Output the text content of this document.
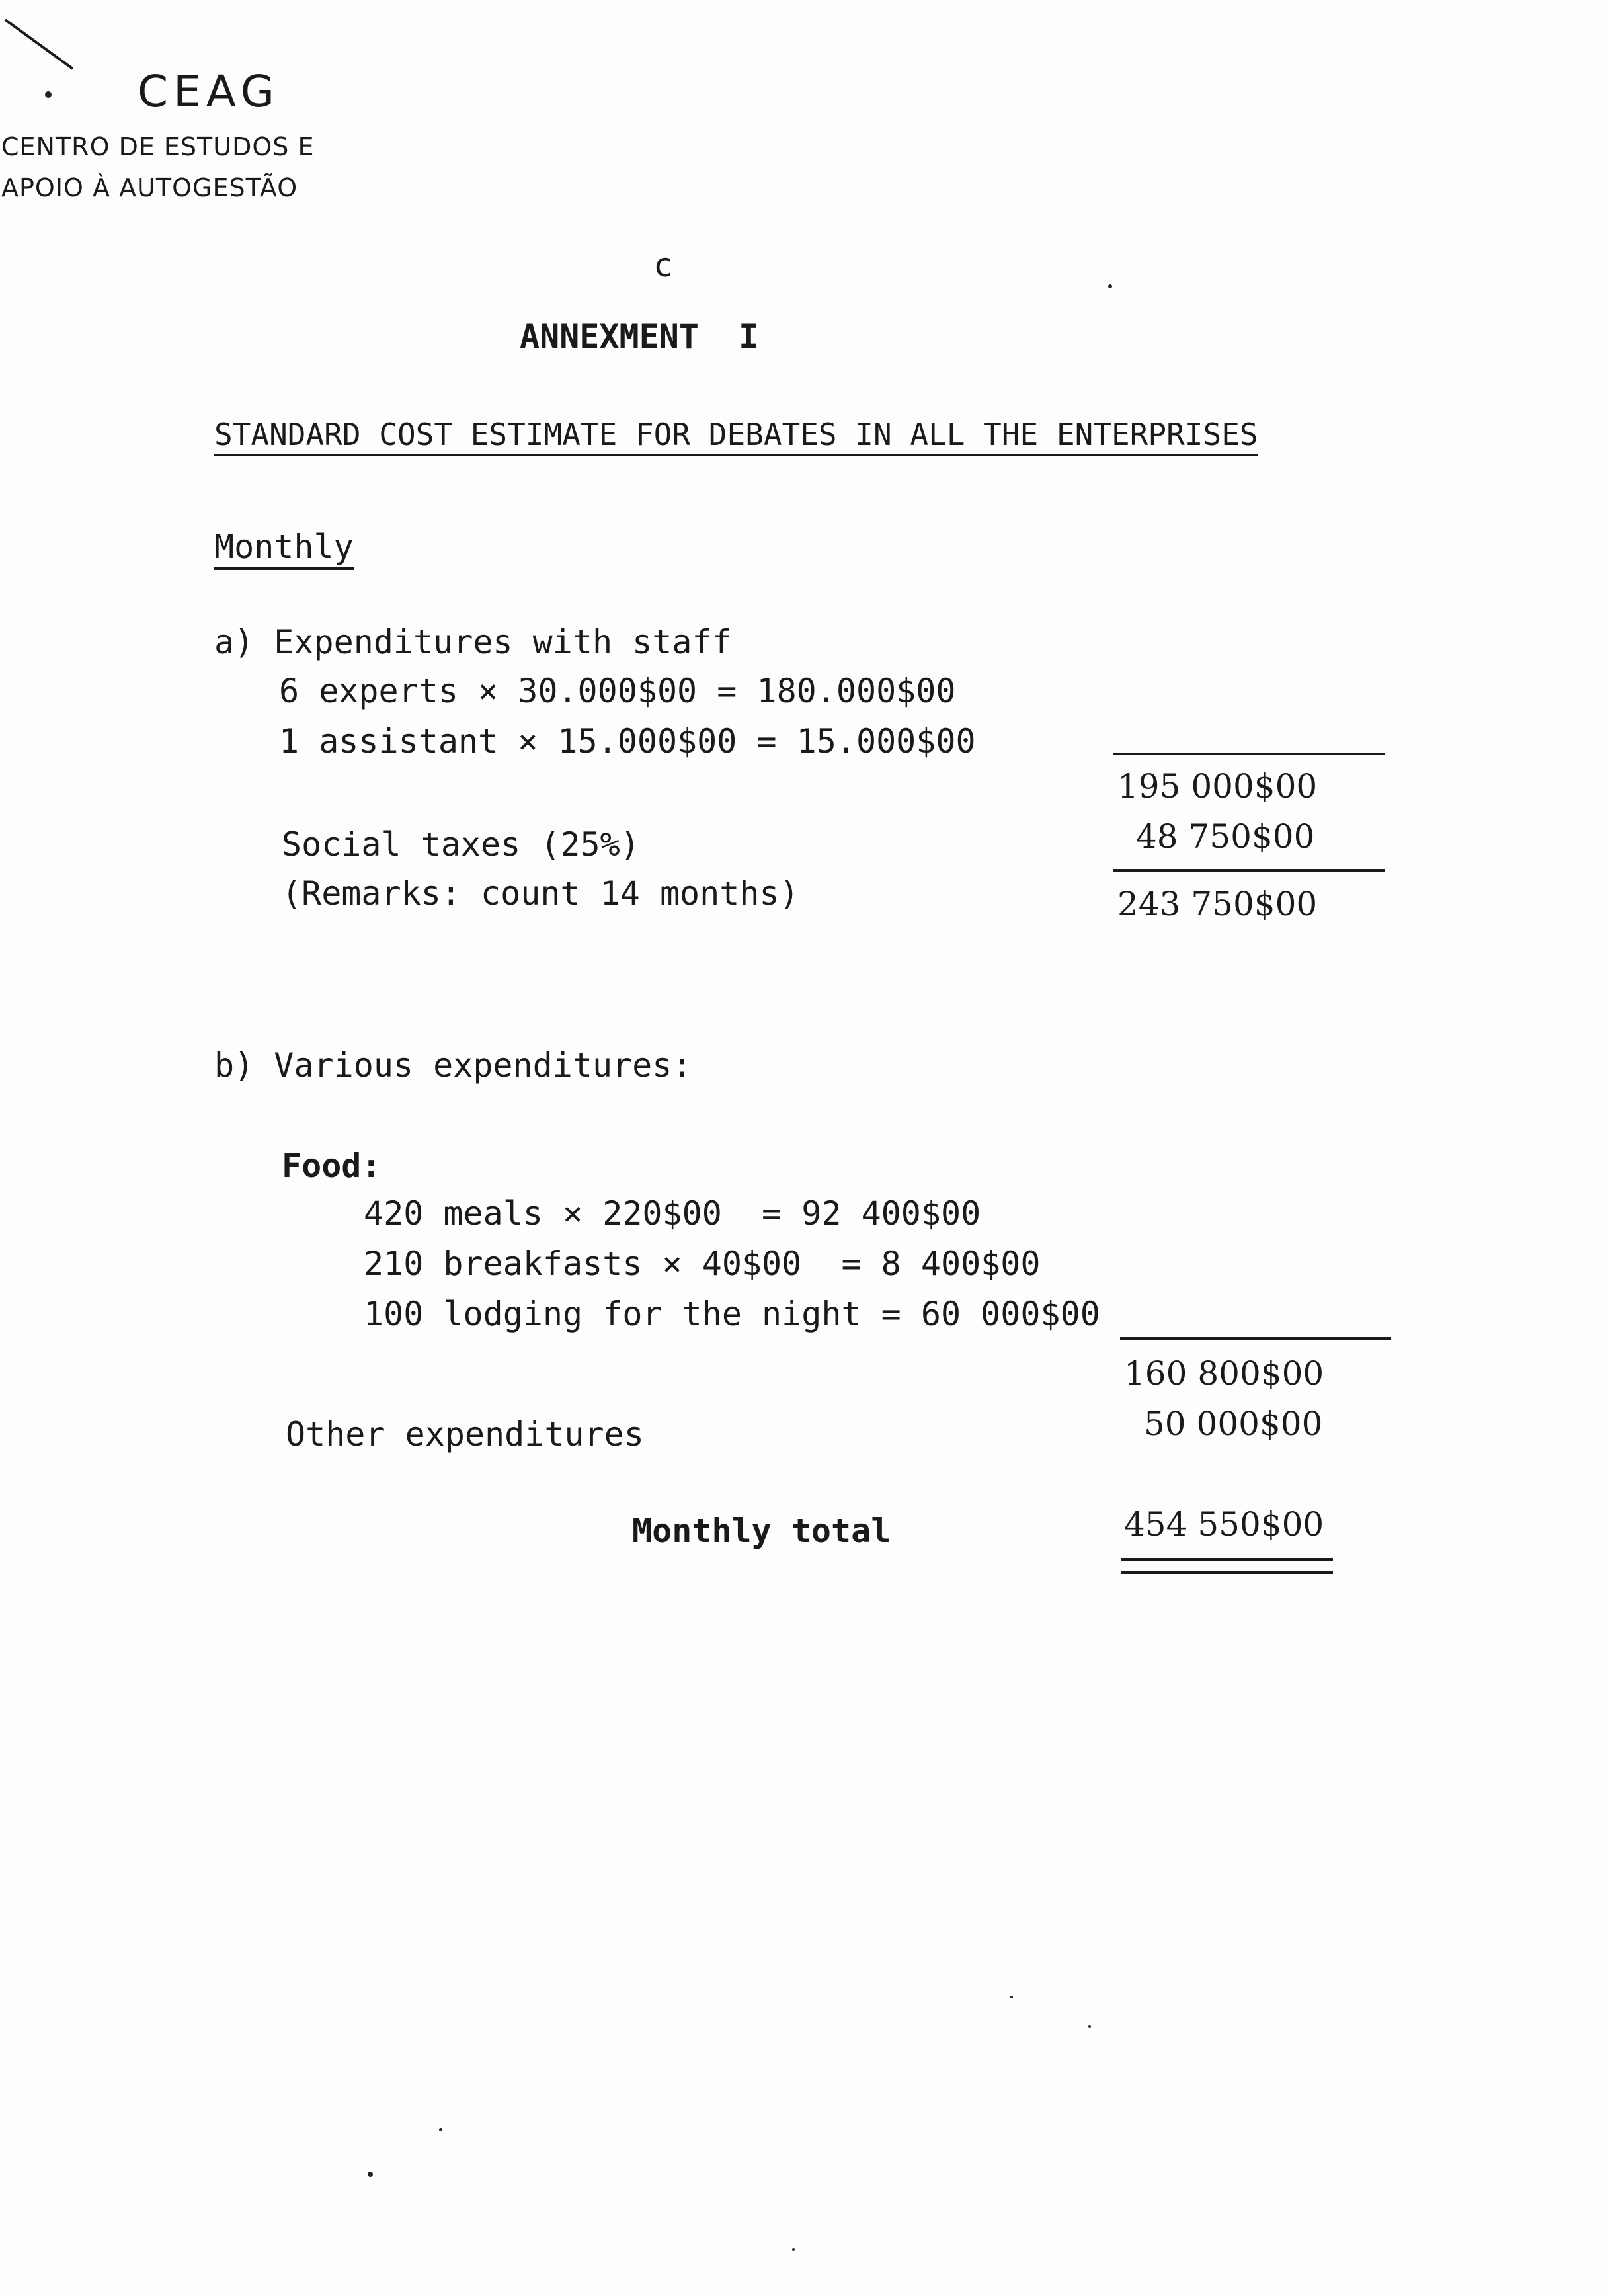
CEAG
CENTRO DE ESTUDOS E
APOIO À AUTOGESTÃO
c
ANNEXMENT  I
STANDARD COST ESTIMATE FOR DEBATES IN ALL THE ENTERPRISES
Monthly
a) Expenditures with staff
6 experts × 30.000$00 = 180.000$00
1 assistant × 15.000$00 = 15.000$00
195 000$00
Social taxes (25%)	48 750$00
(Remarks: count 14 months)	243 750$00
b) Various expenditures:
Food:
420 meals × 220$00  = 92 400$00
210 breakfasts × 40$00  = 8 400$00
100 lodging for the night = 60 000$00
160 800$00
Other expenditures	50 000$00
Monthly total	454 550$00
